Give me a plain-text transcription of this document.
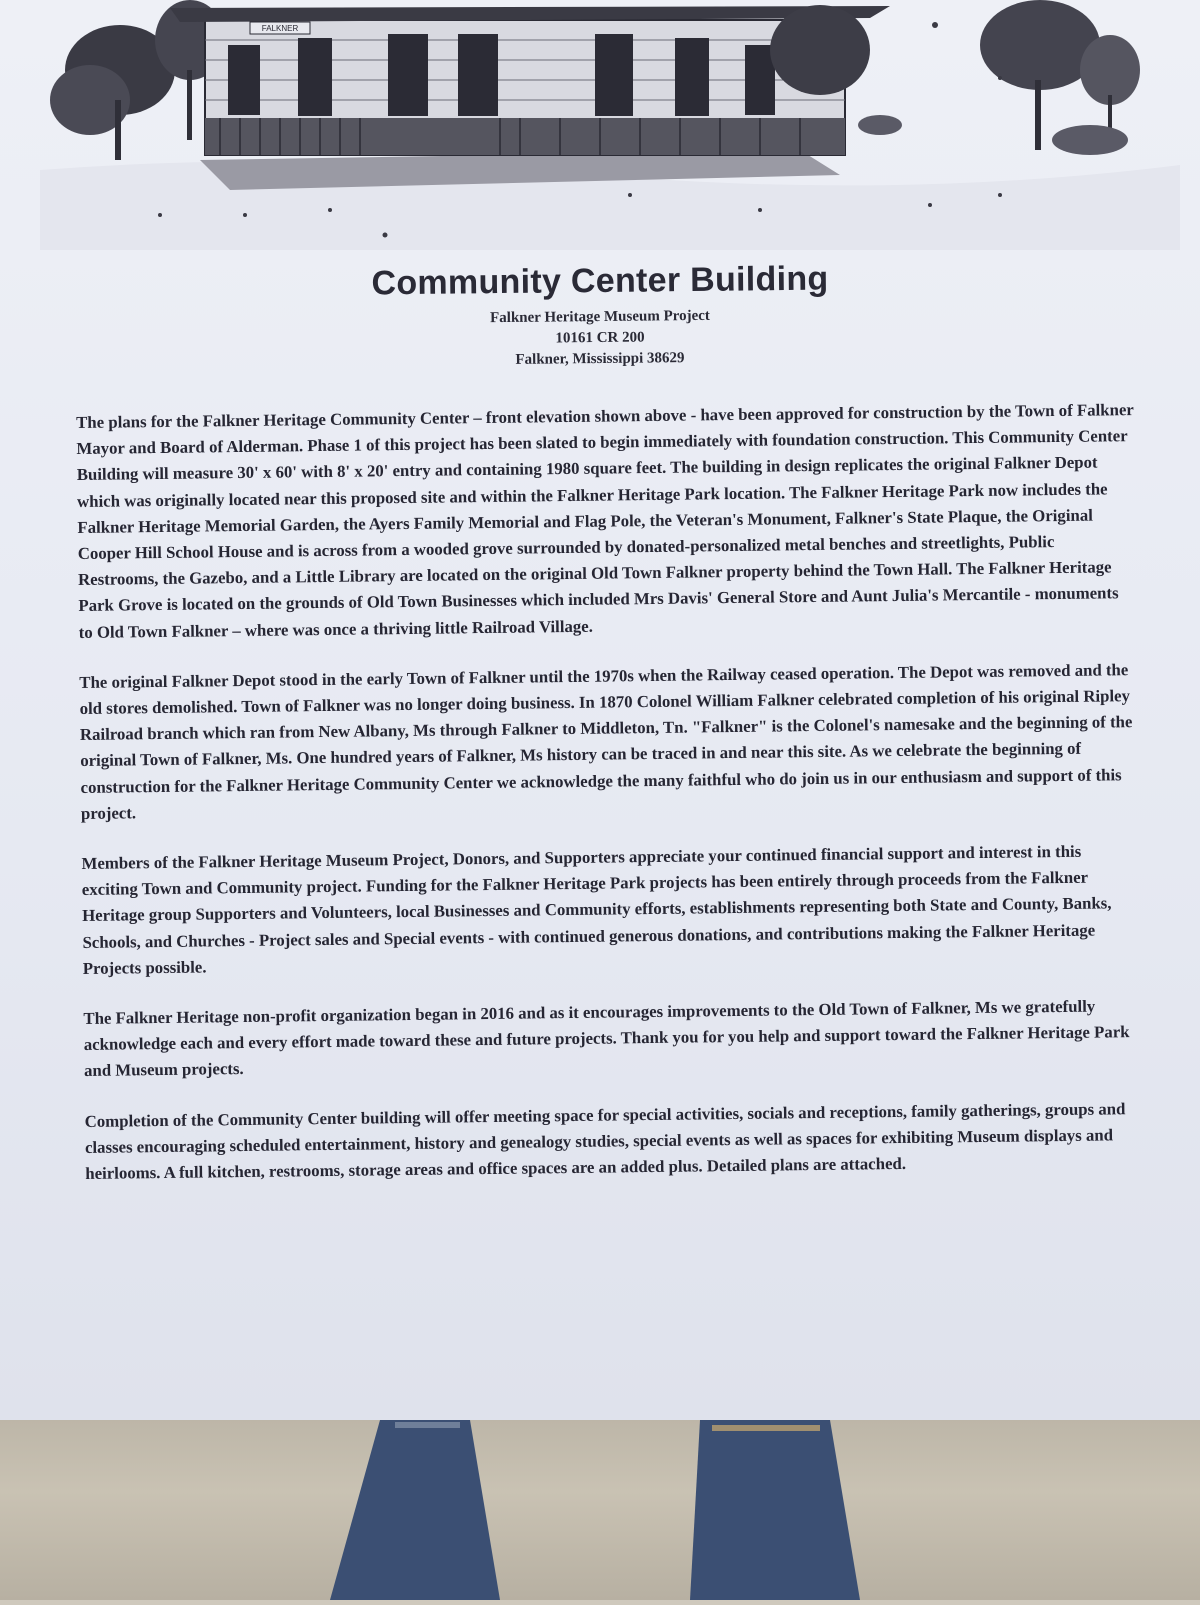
FALKNER
Community Center Building
Falkner Heritage Museum Project
10161 CR 200
Falkner, Mississippi 38629

The plans for the Falkner Heritage Community Center – front elevation shown above - have been approved for construction by the Town of Falkner Mayor and Board of Alderman. Phase 1 of this project has been slated to begin immediately with foundation construction. This Community Center Building will measure 30' x 60' with 8' x 20' entry and containing 1980 square feet. The building in design replicates the original Falkner Depot which was originally located near this proposed site and within the Falkner Heritage Park location. The Falkner Heritage Park now includes the Falkner Heritage Memorial Garden, the Ayers Family Memorial and Flag Pole, the Veteran's Monument, Falkner's State Plaque, the Original Cooper Hill School House and is across from a wooded grove surrounded by donated-personalized metal benches and streetlights, Public Restrooms, the Gazebo, and a Little Library are located on the original Old Town Falkner property behind the Town Hall. The Falkner Heritage Park Grove is located on the grounds of Old Town Businesses which included Mrs Davis' General Store and Aunt Julia's Mercantile - monuments to Old Town Falkner – where was once a thriving little Railroad Village.

The original Falkner Depot stood in the early Town of Falkner until the 1970s when the Railway ceased operation. The Depot was removed and the old stores demolished. Town of Falkner was no longer doing business. In 1870 Colonel William Falkner celebrated completion of his original Ripley Railroad branch which ran from New Albany, Ms through Falkner to Middleton, Tn. "Falkner" is the Colonel's namesake and the beginning of the original Town of Falkner, Ms. One hundred years of Falkner, Ms history can be traced in and near this site. As we celebrate the beginning of construction for the Falkner Heritage Community Center we acknowledge the many faithful who do join us in our enthusiasm and support of this project.

Members of the Falkner Heritage Museum Project, Donors, and Supporters appreciate your continued financial support and interest in this exciting Town and Community project. Funding for the Falkner Heritage Park projects has been entirely through proceeds from the Falkner Heritage group Supporters and Volunteers, local Businesses and Community efforts, establishments representing both State and County, Banks, Schools, and Churches - Project sales and Special events - with continued generous donations, and contributions making the Falkner Heritage Projects possible.

The Falkner Heritage non-profit organization began in 2016 and as it encourages improvements to the Old Town of Falkner, Ms we gratefully acknowledge each and every effort made toward these and future projects. Thank you for you help and support toward the Falkner Heritage Park and Museum projects.

Completion of the Community Center building will offer meeting space for special activities, socials and receptions, family gatherings, groups and classes encouraging scheduled entertainment, history and genealogy studies, special events as well as spaces for exhibiting Museum displays and heirlooms. A full kitchen, restrooms, storage areas and office spaces are an added plus. Detailed plans are attached.
